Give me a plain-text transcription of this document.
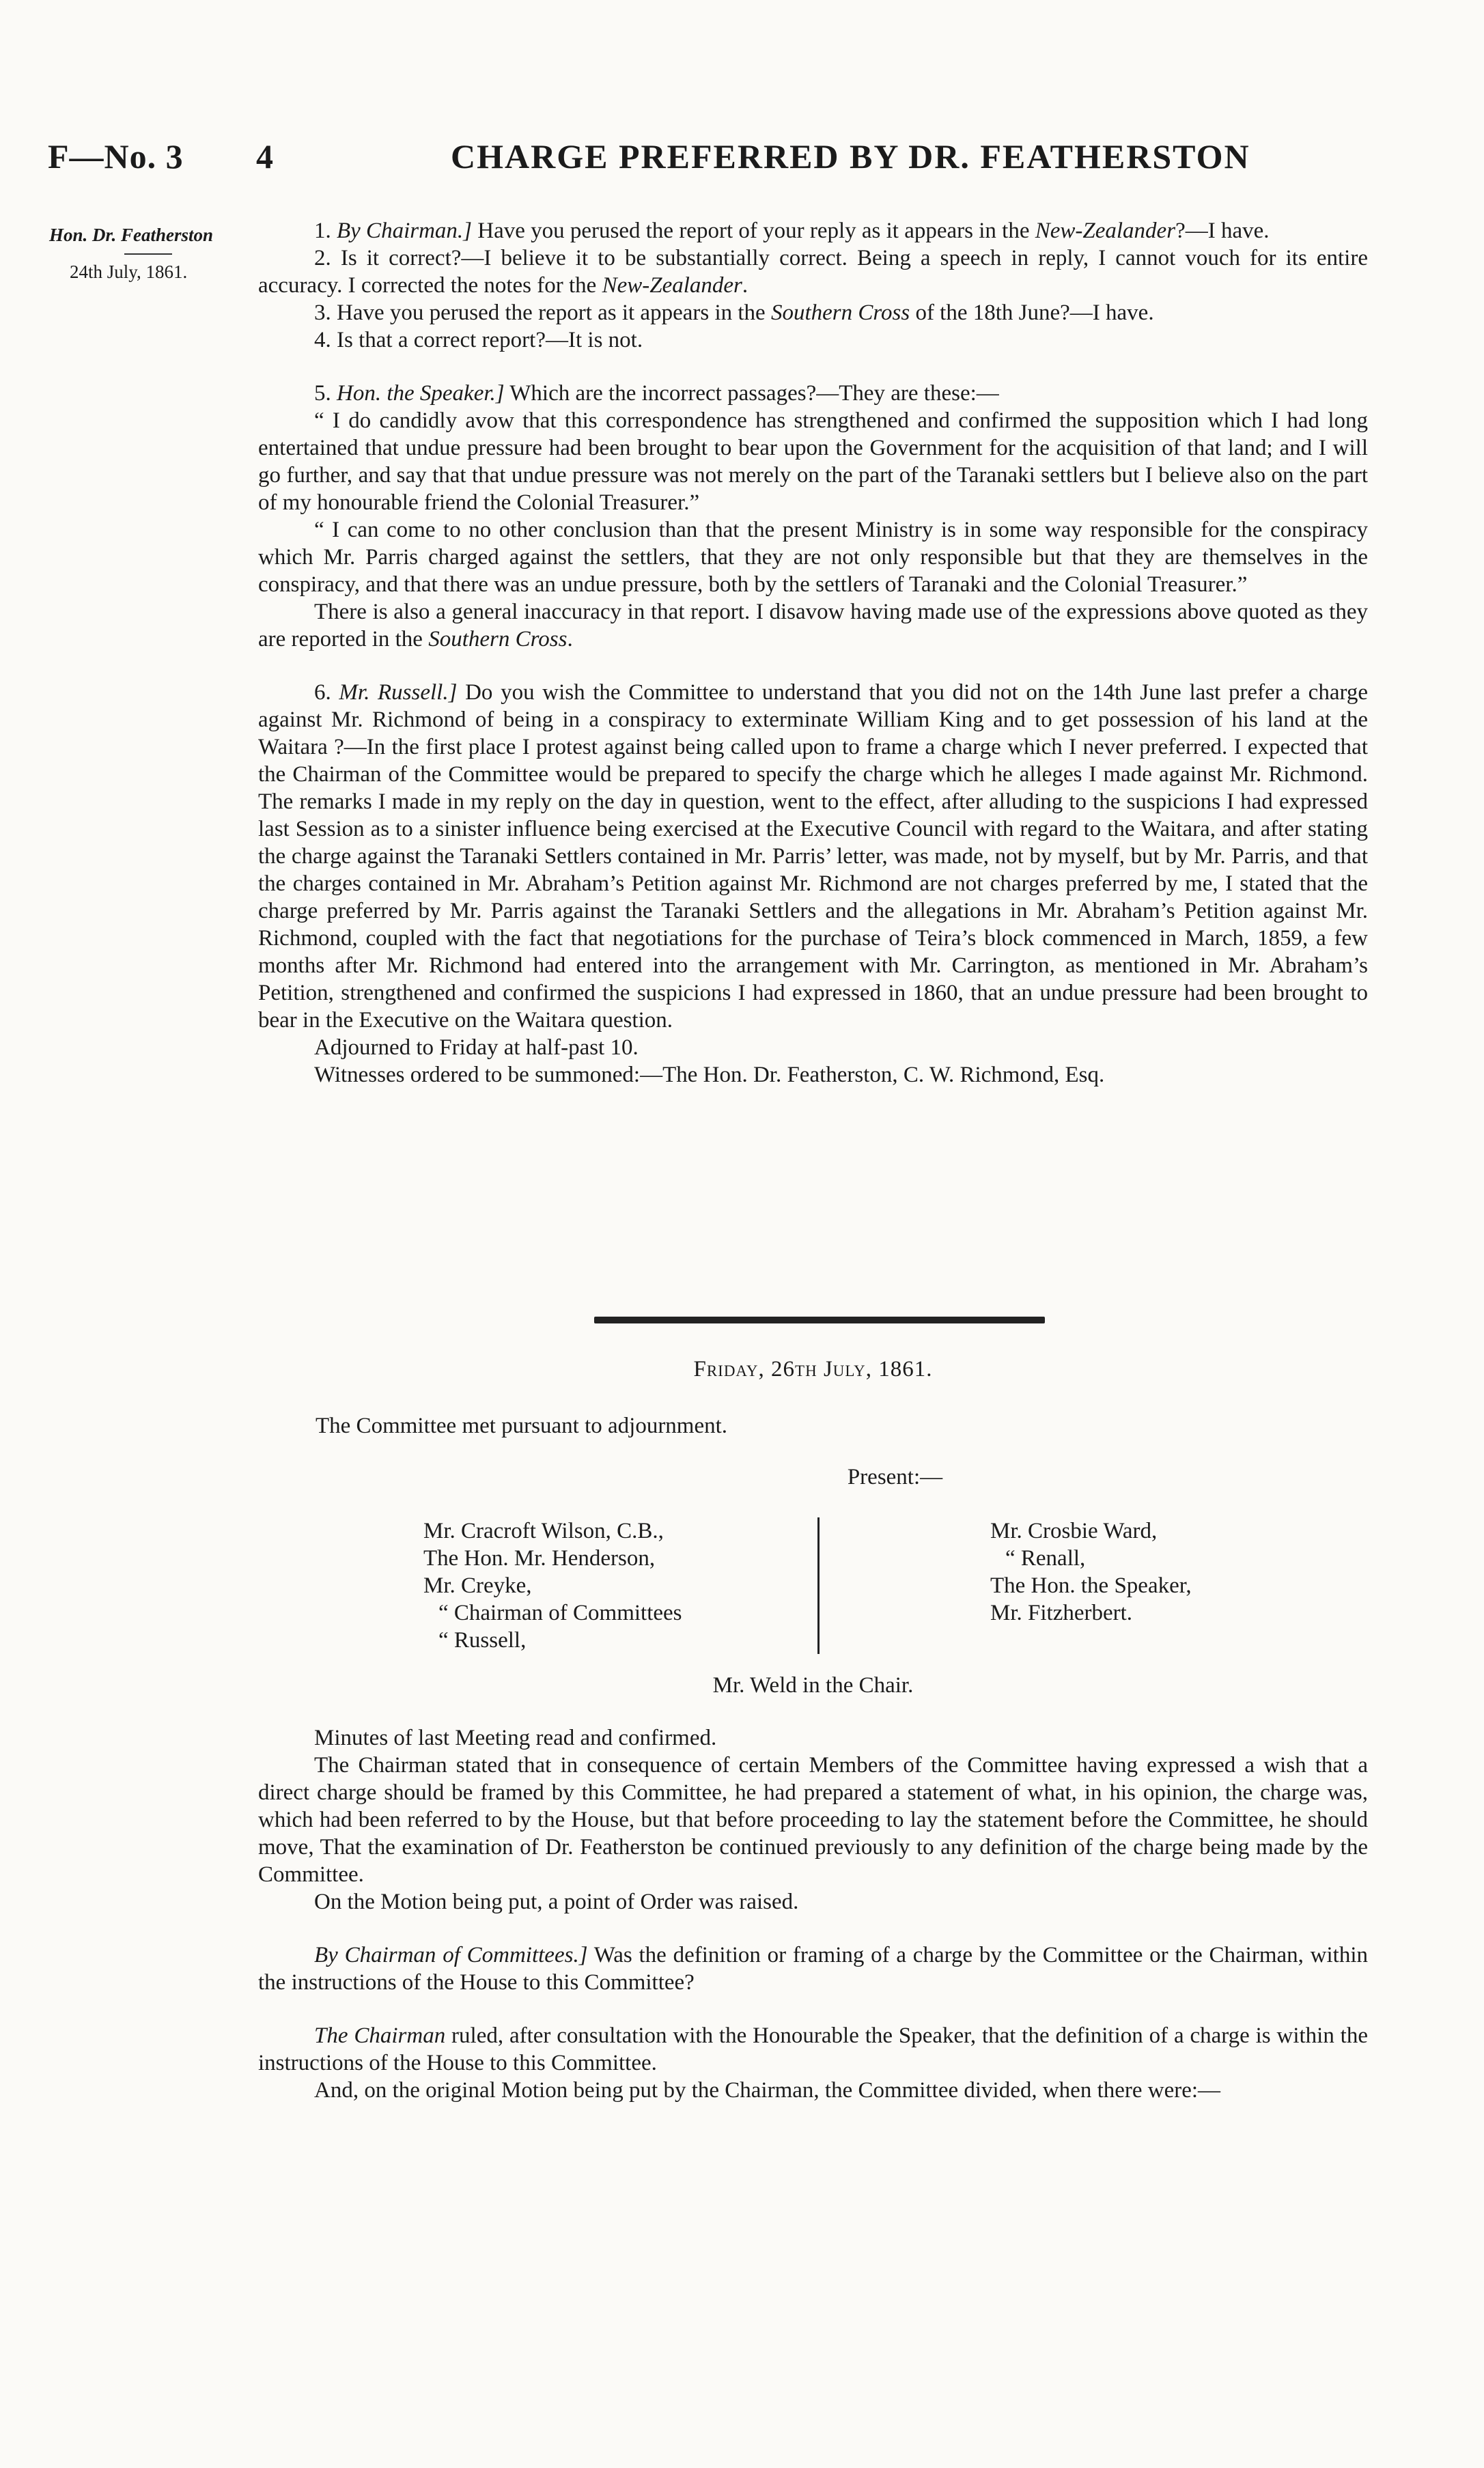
F—No. 3 4	CHARGE PREFERRED BY DR. FEATHERSTON
Hon. Dr. Featherston
24th July, 1861.

1. By Chairman.] Have you perused the report of your reply as it appears in the New-Zealander?—I have.

2. Is it correct?—I believe it to be substantially correct. Being a speech in reply, I cannot vouch for its entire accuracy. I corrected the notes for the New-Zealander.

3. Have you perused the report as it appears in the Southern Cross of the 18th June?—I have.

4. Is that a correct report?—It is not.

5. Hon. the Speaker.] Which are the incorrect passages?—They are these:—

“ I do candidly avow that this correspondence has strengthened and confirmed the supposition which I had long entertained that undue pressure had been brought to bear upon the Government for the acquisition of that land; and I will go further, and say that that undue pressure was not merely on the part of the Taranaki settlers but I believe also on the part of my honourable friend the Colonial Treasurer.”

“ I can come to no other conclusion than that the present Ministry is in some way responsible for the conspiracy which Mr. Parris charged against the settlers, that they are not only responsible but that they are themselves in the conspiracy, and that there was an undue pressure, both by the settlers of Taranaki and the Colonial Treasurer.”

There is also a general inaccuracy in that report. I disavow having made use of the expressions above quoted as they are reported in the Southern Cross.

6. Mr. Russell.] Do you wish the Committee to understand that you did not on the 14th June last prefer a charge against Mr. Richmond of being in a conspiracy to exterminate William King and to get possession of his land at the Waitara ?—In the first place I protest against being called upon to frame a charge which I never preferred. I expected that the Chairman of the Committee would be prepared to specify the charge which he alleges I made against Mr. Richmond. The remarks I made in my reply on the day in question, went to the effect, after alluding to the suspicions I had expressed last Session as to a sinister influence being exercised at the Executive Council with regard to the Waitara, and after stating the charge against the Taranaki Settlers contained in Mr. Parris’ letter, was made, not by myself, but by Mr. Parris, and that the charges contained in Mr. Abraham’s Petition against Mr. Richmond are not charges preferred by me, I stated that the charge preferred by Mr. Parris against the Taranaki Settlers and the allegations in Mr. Abraham’s Petition against Mr. Richmond, coupled with the fact that negotiations for the purchase of Teira’s block commenced in March, 1859, a few months after Mr. Richmond had entered into the arrangement with Mr. Carrington, as mentioned in Mr. Abraham’s Petition, strengthened and confirmed the suspicions I had expressed in 1860, that an undue pressure had been brought to bear in the Executive on the Waitara question.

Adjourned to Friday at half-past 10.

Witnesses ordered to be summoned:—The Hon. Dr. Featherston, C. W. Richmond, Esq.

Friday, 26th July, 1861.
The Committee met pursuant to adjournment.
Present:—
Mr. Cracroft Wilson, C.B.,
The Hon. Mr. Henderson,
Mr. Creyke,
“ Chairman of Committees
“ Russell,
Mr. Crosbie Ward,
“ Renall,
The Hon. the Speaker,
Mr. Fitzherbert.
Mr. Weld in the Chair.

Minutes of last Meeting read and confirmed.

The Chairman stated that in consequence of certain Members of the Committee having expressed a wish that a direct charge should be framed by this Committee, he had prepared a statement of what, in his opinion, the charge was, which had been referred to by the House, but that before proceeding to lay the statement before the Committee, he should move, That the examination of Dr. Featherston be continued previously to any definition of the charge being made by the Committee.

On the Motion being put, a point of Order was raised.

By Chairman of Committees.] Was the definition or framing of a charge by the Committee or the Chairman, within the instructions of the House to this Committee?

The Chairman ruled, after consultation with the Honourable the Speaker, that the definition of a charge is within the instructions of the House to this Committee.

And, on the original Motion being put by the Chairman, the Committee divided, when there were:—
